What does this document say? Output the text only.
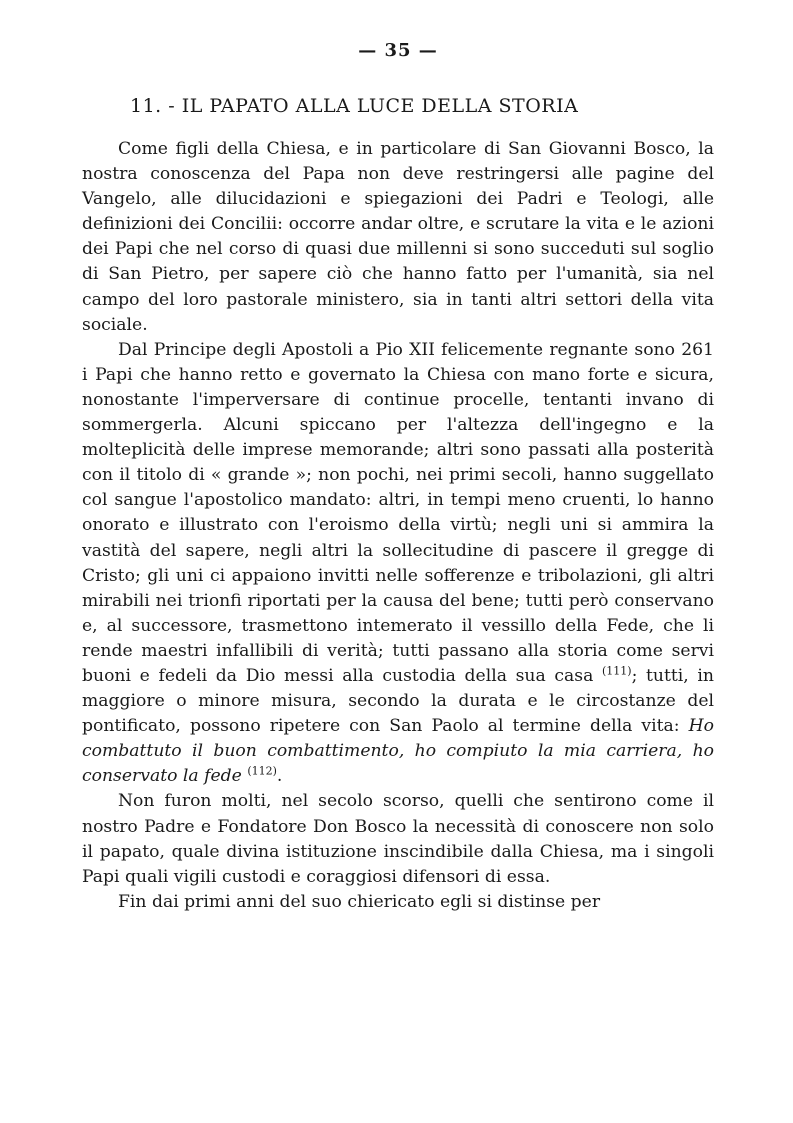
— 35 —
11. - IL PAPATO ALLA LUCE DELLA STORIA

Come figli della Chiesa, e in particolare di San Giovanni Bosco, la nostra conoscenza del Papa non deve restringersi alle pagine del Vangelo, alle dilucidazioni e spiegazioni dei Padri e Teologi, alle definizioni dei Concilii: occorre andar oltre, e scrutare la vita e le azioni dei Papi che nel corso di quasi due millenni si sono succeduti sul soglio di San Pietro, per sapere ciò che hanno fatto per l'umanità, sia nel campo del loro pastorale ministero, sia in tanti altri settori della vita sociale.

Dal Principe degli Apostoli a Pio XII felicemente regnante sono 261 i Papi che hanno retto e governato la Chiesa con mano forte e sicura, nonostante l'imperversare di continue procelle, tentanti invano di sommergerla. Alcuni spiccano per l'altezza dell'ingegno e la molteplicità delle imprese memorande; altri sono passati alla posterità con il titolo di « grande »; non pochi, nei primi secoli, hanno suggellato col sangue l'apostolico mandato: altri, in tempi meno cruenti, lo hanno onorato e illustrato con l'eroismo della virtù; negli uni si ammira la vastità del sapere, negli altri la sollecitudine di pascere il gregge di Cristo; gli uni ci appaiono invitti nelle sofferenze e tribolazioni, gli altri mirabili nei trionfi riportati per la causa del bene; tutti però conservano e, al successore, trasmettono intemerato il vessillo della Fede, che li rende maestri infallibili di verità; tutti passano alla storia come servi buoni e fedeli da Dio messi alla custodia della sua casa $^{(111)}$; tutti, in maggiore o minore misura, secondo la durata e le circostanze del pontificato, possono ripetere con San Paolo al termine della vita: Ho combattuto il buon combattimento, ho compiuto la mia carriera, ho conservato la fede $^{(112)}$.

Non furon molti, nel secolo scorso, quelli che sentirono come il nostro Padre e Fondatore Don Bosco la necessità di conoscere non solo il papato, quale divina istituzione inscindibile dalla Chiesa, ma i singoli Papi quali vigili custodi e coraggiosi difensori di essa.

Fin dai primi anni del suo chiericato egli si distinse per
